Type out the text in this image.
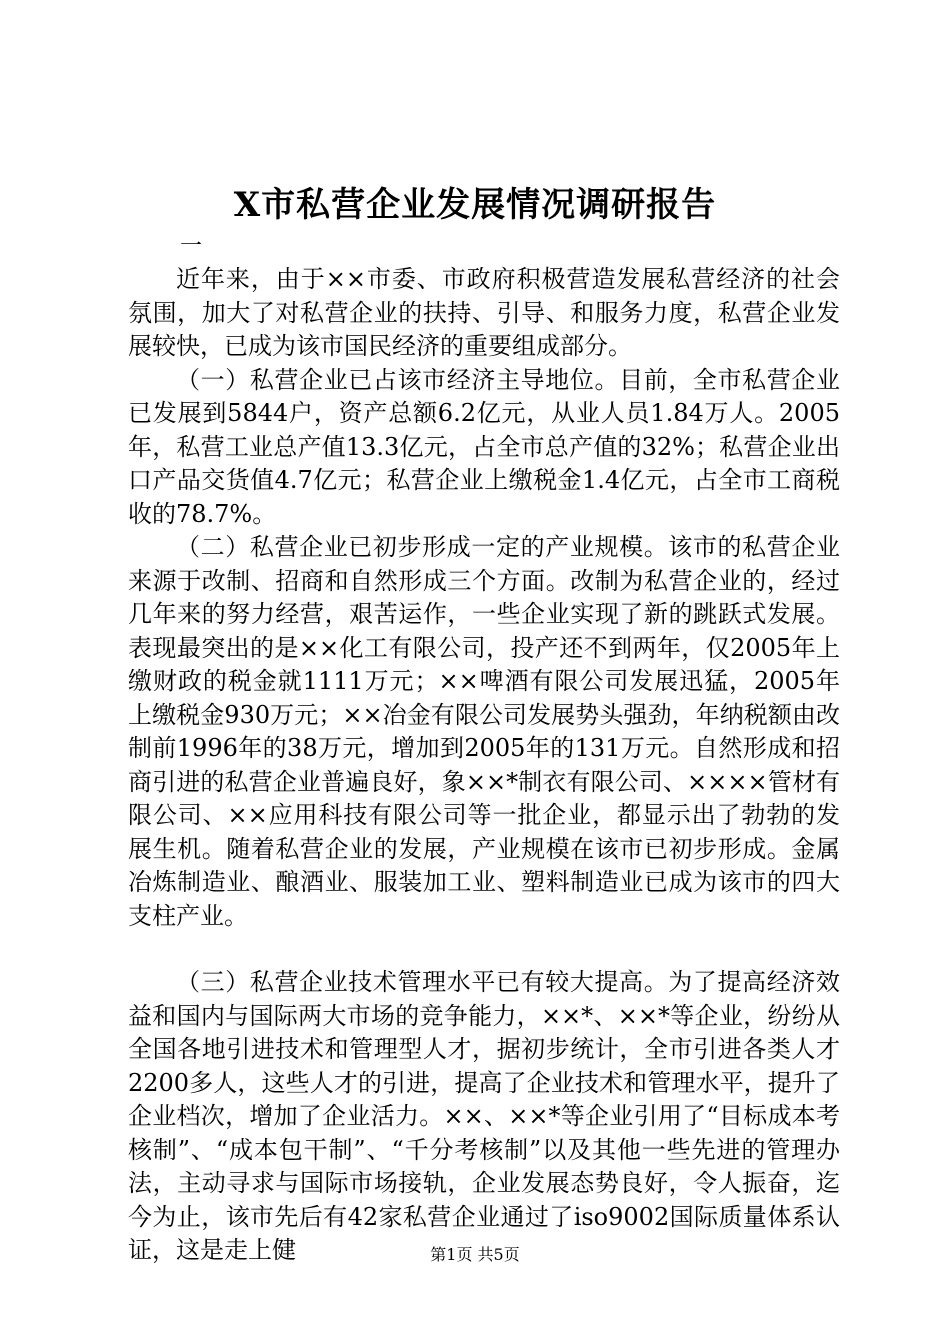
X市私营企业发展情况调研报告
一

近年来，由于××市委、市政府积极营造发展私营经济的社会氛围，加大了对私营企业的扶持、引导、和服务力度，私营企业发展较快，已成为该市国民经济的重要组成部分。

（一）私营企业已占该市经济主导地位。目前，全市私营企业已发展到5844户，资产总额6.2亿元，从业人员1.84万人。2005年，私营工业总产值13.3亿元，占全市总产值的32%；私营企业出口产品交货值4.7亿元；私营企业上缴税金1.4亿元，占全市工商税收的78.7%。

（二）私营企业已初步形成一定的产业规模。该市的私营企业来源于改制、招商和自然形成三个方面。改制为私营企业的，经过几年来的努力经营，艰苦运作，一些企业实现了新的跳跃式发展。表现最突出的是××化工有限公司，投产还不到两年，仅2005年上缴财政的税金就1111万元；××啤酒有限公司发展迅猛，2005年上缴税金930万元；××冶金有限公司发展势头强劲，年纳税额由改制前1996年的38万元，增加到2005年的131万元。自然形成和招商引进的私营企业普遍良好，象××*制衣有限公司、××××管材有限公司、××应用科技有限公司等一批企业，都显示出了勃勃的发展生机。随着私营企业的发展，产业规模在该市已初步形成。金属冶炼制造业、酿酒业、服装加工业、塑料制造业已成为该市的四大支柱产业。

（三）私营企业技术管理水平已有较大提高。为了提高经济效益和国内与国际两大市场的竞争能力，××*、××*等企业，纷纷从全国各地引进技术和管理型人才，据初步统计，全市引进各类人才2200多人，这些人才的引进，提高了企业技术和管理水平，提升了企业档次，增加了企业活力。××、××*等企业引用了“目标成本考核制”、“成本包干制”、“千分考核制”以及其他一些先进的管理办法，主动寻求与国际市场接轨，企业发展态势良好，令人振奋，迄今为止，该市先后有42家私营企业通过了iso9002国际质量体系认证，这是走上健	第1页 共5页
